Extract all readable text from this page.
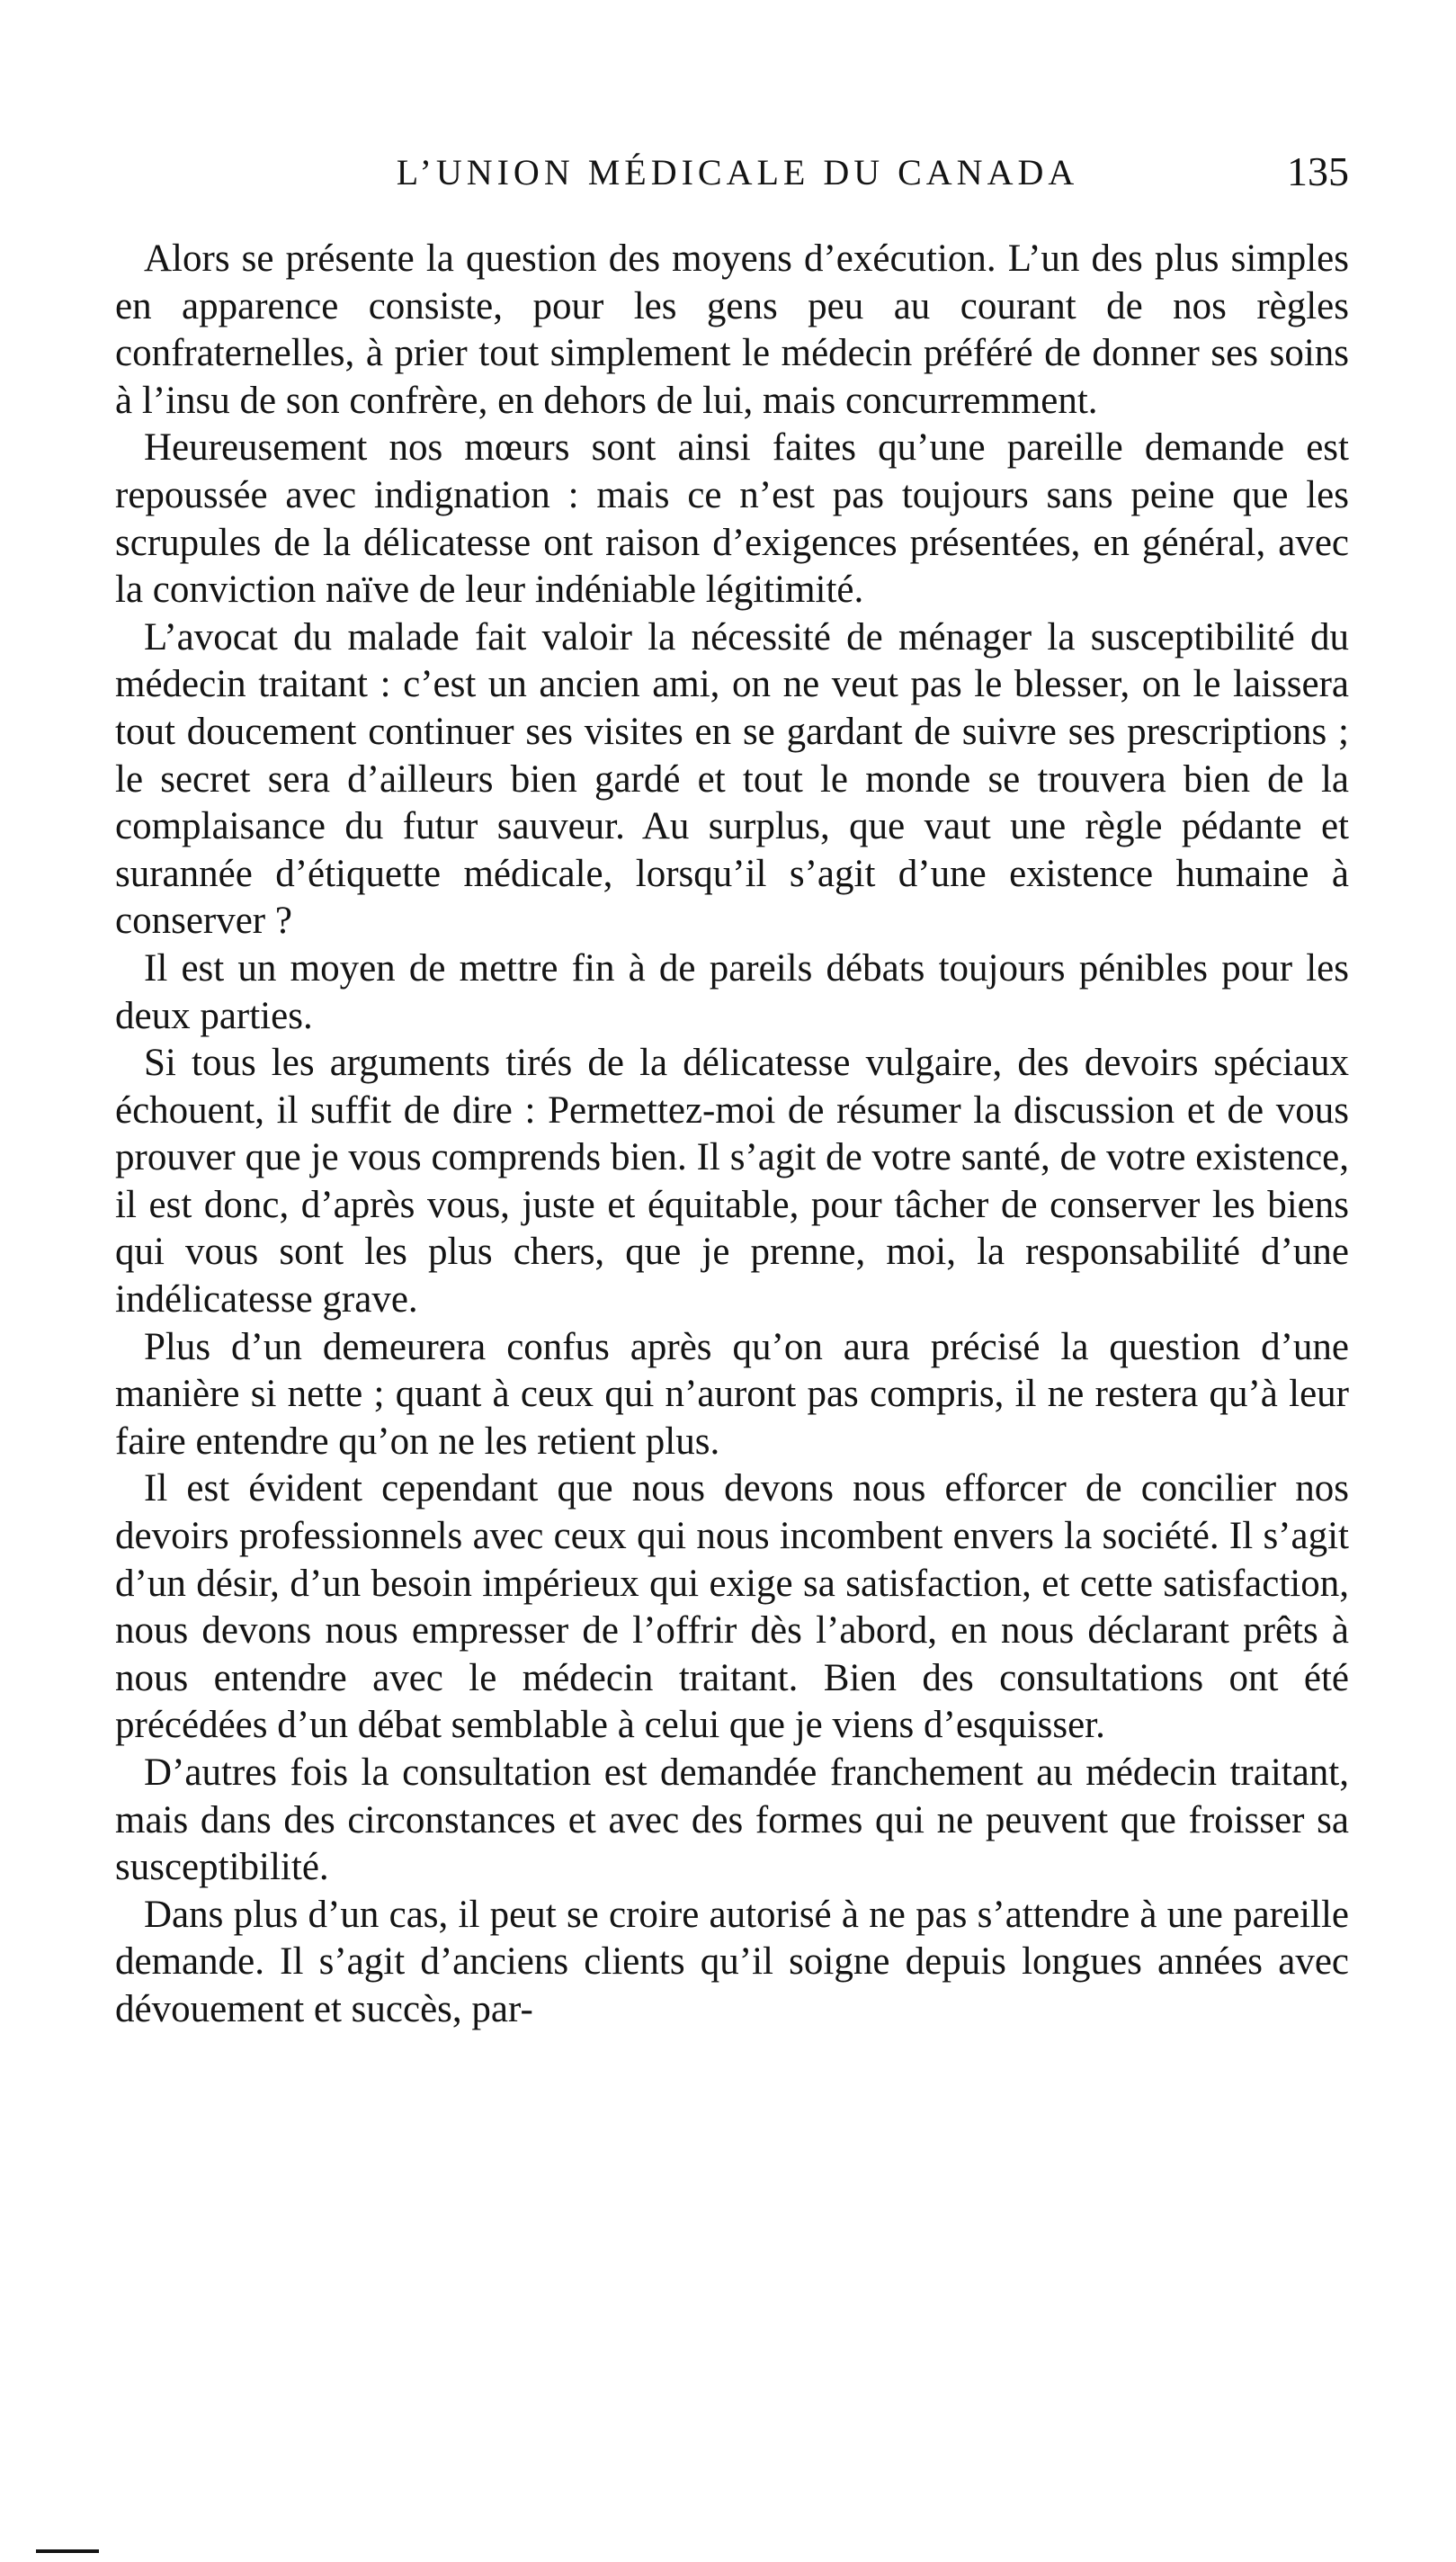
L’UNION MÉDICALE DU CANADA	135

Alors se présente la question des moyens d’exécution. L’un des plus simples en apparence consiste, pour les gens peu au courant de nos règles confraternelles, à prier tout simplement le médecin préféré de donner ses soins à l’insu de son confrère, en dehors de lui, mais concurremment.

Heureusement nos mœurs sont ainsi faites qu’une pareille demande est repoussée avec indignation : mais ce n’est pas toujours sans peine que les scrupules de la délicatesse ont raison d’exigences présentées, en général, avec la conviction naïve de leur indéniable légitimité.

L’avocat du malade fait valoir la nécessité de ménager la susceptibilité du médecin traitant : c’est un ancien ami, on ne veut pas le blesser, on le laissera tout doucement continuer ses visites en se gardant de suivre ses prescriptions ; le secret sera d’ailleurs bien gardé et tout le monde se trouvera bien de la complaisance du futur sauveur. Au surplus, que vaut une règle pédante et surannée d’étiquette médicale, lorsqu’il s’agit d’une existence humaine à conserver ?

Il est un moyen de mettre fin à de pareils débats toujours pénibles pour les deux parties.

Si tous les arguments tirés de la délicatesse vulgaire, des devoirs spéciaux échouent, il suffit de dire : Permettez-moi de résumer la discussion et de vous prouver que je vous comprends bien. Il s’agit de votre santé, de votre existence, il est donc, d’après vous, juste et équitable, pour tâcher de conserver les biens qui vous sont les plus chers, que je prenne, moi, la responsabilité d’une indélicatesse grave.

Plus d’un demeurera confus après qu’on aura précisé la question d’une manière si nette ; quant à ceux qui n’auront pas compris, il ne restera qu’à leur faire entendre qu’on ne les retient plus.

Il est évident cependant que nous devons nous efforcer de concilier nos devoirs professionnels avec ceux qui nous incombent envers la société. Il s’agit d’un désir, d’un besoin impérieux qui exige sa satisfaction, et cette satisfaction, nous devons nous empresser de l’offrir dès l’abord, en nous déclarant prêts à nous entendre avec le médecin traitant. Bien des consultations ont été précédées d’un débat semblable à celui que je viens d’esquisser.

D’autres fois la consultation est demandée franchement au médecin traitant, mais dans des circonstances et avec des formes qui ne peuvent que froisser sa susceptibilité.

Dans plus d’un cas, il peut se croire autorisé à ne pas s’attendre à une pareille demande. Il s’agit d’anciens clients qu’il soigne depuis longues années avec dévouement et succès, par-
